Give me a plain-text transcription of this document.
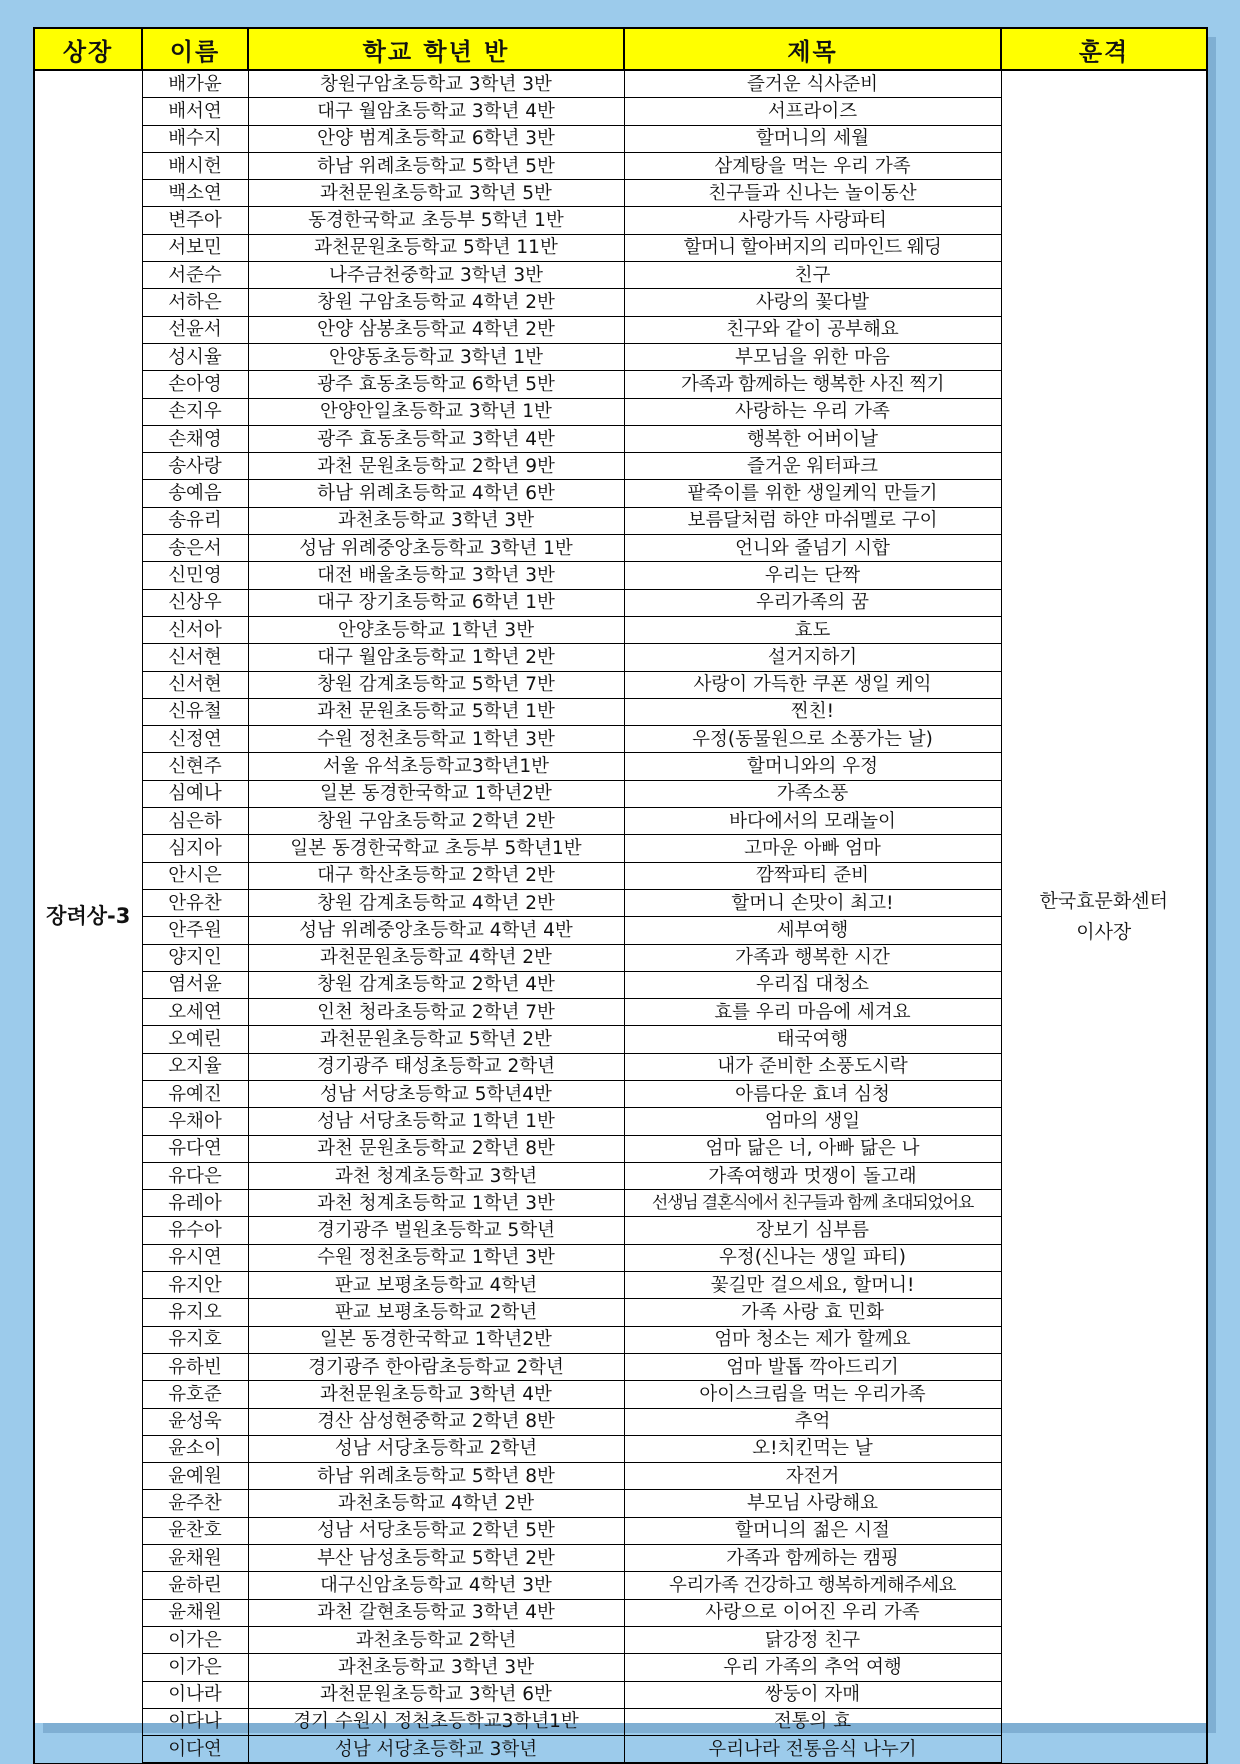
상장	이름	학교 학년 반	제목	훈격
장려상-3	배가윤	창원구암초등학교 3학년 3반	즐거운 식사준비	한국효문화센터
이사장

	배서연	대구 월암초등학교 3학년 4반	서프라이즈	
	배수지	안양 범계초등학교 6학년 3반	할머니의 세월	
	배시헌	하남 위례초등학교 5학년 5반	삼계탕을 먹는 우리 가족	
	백소연	과천문원초등학교 3학년 5반	친구들과 신나는 놀이동산	
	변주아	동경한국학교 초등부 5학년 1반	사랑가득 사랑파티	
	서보민	과천문원초등학교 5학년 11반	할머니 할아버지의 리마인드 웨딩	
	서준수	나주금천중학교 3학년 3반	친구	
	서하은	창원 구암초등학교 4학년 2반	사랑의 꽃다발	
	선윤서	안양 삼봉초등학교 4학년 2반	친구와 같이 공부해요	
	성시율	안양동초등학교 3학년 1반	부모님을 위한 마음	
	손아영	광주 효동초등학교 6학년 5반	가족과 함께하는 행복한 사진 찍기	
	손지우	안양안일초등학교 3학년 1반	사랑하는 우리 가족	
	손채영	광주 효동초등학교 3학년 4반	행복한 어버이날	
	송사랑	과천 문원초등학교 2학년 9반	즐거운 워터파크	
	송예음	하남 위례초등학교 4학년 6반	팥죽이를 위한 생일케익 만들기	
	송유리	과천초등학교 3학년 3반	보름달처럼 하얀 마쉬멜로 구이	
	송은서	성남 위례중앙초등학교 3학년 1반	언니와 줄넘기 시합	
	신민영	대전 배울초등학교 3학년 3반	우리는 단짝	
	신상우	대구 장기초등학교 6학년 1반	우리가족의 꿈	
	신서아	안양초등학교 1학년 3반	효도	
	신서현	대구 월암초등학교 1학년 2반	설거지하기	
	신서현	창원 감계초등학교 5학년 7반	사랑이 가득한 쿠폰 생일 케익	
	신유철	과천 문원초등학교 5학년 1반	찐친!	
	신정연	수원 정천초등학교 1학년 3반	우정(동물원으로 소풍가는 날)	
	신현주	서울 유석초등학교3학년1반	할머니와의 우정	
	심예나	일본 동경한국학교 1학년2반	가족소풍	
	심은하	창원 구암초등학교 2학년 2반	바다에서의 모래놀이	
	심지아	일본 동경한국학교 초등부 5학년1반	고마운 아빠 엄마	
	안시은	대구 학산초등학교 2학년 2반	깜짝파티 준비	
	안유찬	창원 감계초등학교 4학년 2반	할머니 손맛이 최고!	
	안주원	성남 위례중앙초등학교 4학년 4반	세부여행	
	양지인	과천문원초등학교 4학년 2반	가족과 행복한 시간	
	염서윤	창원 감계초등학교 2학년 4반	우리집 대청소	
	오세연	인천 청라초등학교 2학년 7반	효를 우리 마음에 세겨요	
	오예린	과천문원초등학교 5학년 2반	태국여행	
	오지율	경기광주 태성초등학교 2학년	내가 준비한 소풍도시락	
	유예진	성남 서당초등학교 5학년4반	아름다운 효녀 심청	
	우채아	성남 서당초등학교 1학년 1반	엄마의 생일	
	유다연	과천 문원초등학교 2학년 8반	엄마 닮은 너, 아빠 닮은 나	
	유다은	과천 청계초등학교 3학년	가족여행과 멋쟁이 돌고래	
	유레아	과천 청계초등학교 1학년 3반	선생님 결혼식에서 친구들과 함께 초대되었어요	
	유수아	경기광주 벌원초등학교 5학년	장보기 심부름	
	유시연	수원 정천초등학교 1학년 3반	우정(신나는 생일 파티)	
	유지안	판교 보평초등학교 4학년	꽃길만 걸으세요, 할머니!	
	유지오	판교 보평초등학교 2학년	가족 사랑 효 민화	
	유지호	일본 동경한국학교 1학년2반	엄마 청소는 제가 할께요	
	유하빈	경기광주 한아람초등학교 2학년	엄마 발톱 깍아드리기	
	유호준	과천문원초등학교 3학년 4반	아이스크림을 먹는 우리가족	
	윤성욱	경산 삼성현중학교 2학년 8반	추억	
	윤소이	성남 서당초등학교 2학년	오!치킨먹는 날	
	윤예원	하남 위례초등학교 5학년 8반	자전거	
	윤주찬	과천초등학교 4학년 2반	부모님 사랑해요	
	윤찬호	성남 서당초등학교 2학년 5반	할머니의 젊은 시절	
	윤채원	부산 남성초등학교 5학년 2반	가족과 함께하는 캠핑	
	윤하린	대구신암초등학교 4학년 3반	우리가족 건강하고 행복하게해주세요	
	윤채원	과천 갈현초등학교 3학년 4반	사랑으로 이어진 우리 가족	
	이가은	과천초등학교 2학년	닭강정 친구	
	이가은	과천초등학교 3학년 3반	우리 가족의 추억 여행	
	이나라	과천문원초등학교 3학년 6반	쌍둥이 자매	
	이다나	경기 수원시 정천초등학교3학년1반	전통의 효	
	이다연	성남 서당초등학교 3학년	우리나라 전통음식 나누기	
